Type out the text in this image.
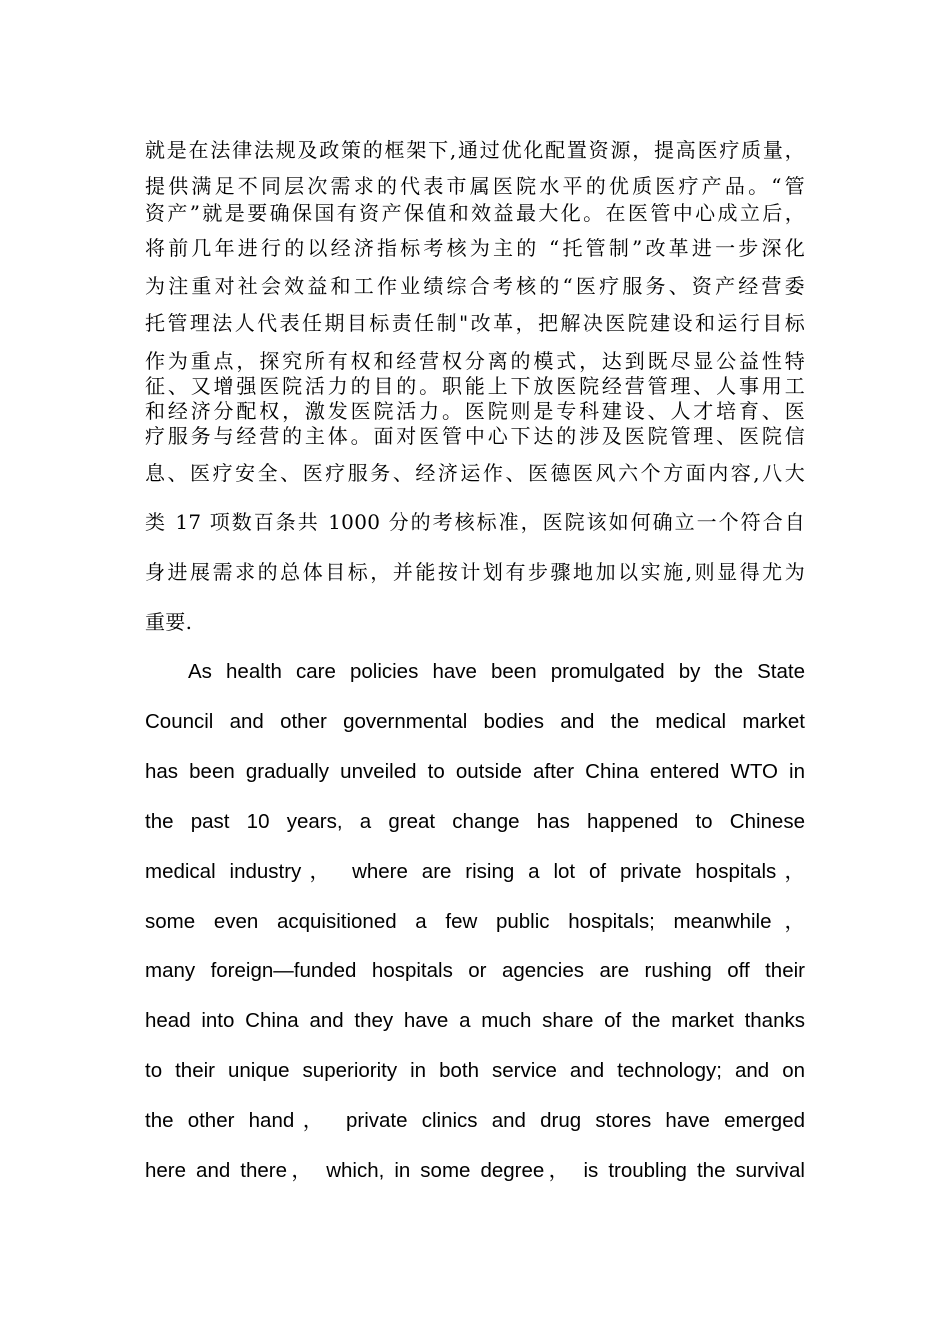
就是在法律法规及政策的框架下,通过优化配置资源，提高医疗质量，
提供满足不同层次需求的代表市属医院水平的优质医疗产品。“管
资产”就是要确保国有资产保值和效益最大化。在医管中心成立后，
将前几年进行的以经济指标考核为主的 “托管制”改革进一步深化
为注重对社会效益和工作业绩综合考核的“医疗服务、资产经营委
托管理法人代表任期目标责任制"改革，把解决医院建设和运行目标
作为重点，探究所有权和经营权分离的模式，达到既尽显公益性特
征、又增强医院活力的目的。职能上下放医院经营管理、人事用工
和经济分配权，激发医院活力。医院则是专科建设、人才培育、医
疗服务与经营的主体。面对医管中心下达的涉及医院管理、医院信
息、医疗安全、医疗服务、经济运作、医德医风六个方面内容,八大
类 17 项数百条共 1000 分的考核标准，医院该如何确立一个符合自
身进展需求的总体目标，并能按计划有步骤地加以实施,则显得尤为
重要.
As health care policies have been promulgated by the State
Council and other governmental bodies and the medical market
has been gradually unveiled to outside after China entered WTO in
the past 10 years, a great change has happened to Chinese
medical industry， where are rising a lot of private hospitals，
some even acquisitioned a few public hospitals; meanwhile，
many foreign—funded hospitals or agencies are rushing off their
head into China and they have a much share of the market thanks
to their unique superiority in both service and technology; and on
the other hand， private clinics and drug stores have emerged
here and there， which, in some degree， is troubling the survival
